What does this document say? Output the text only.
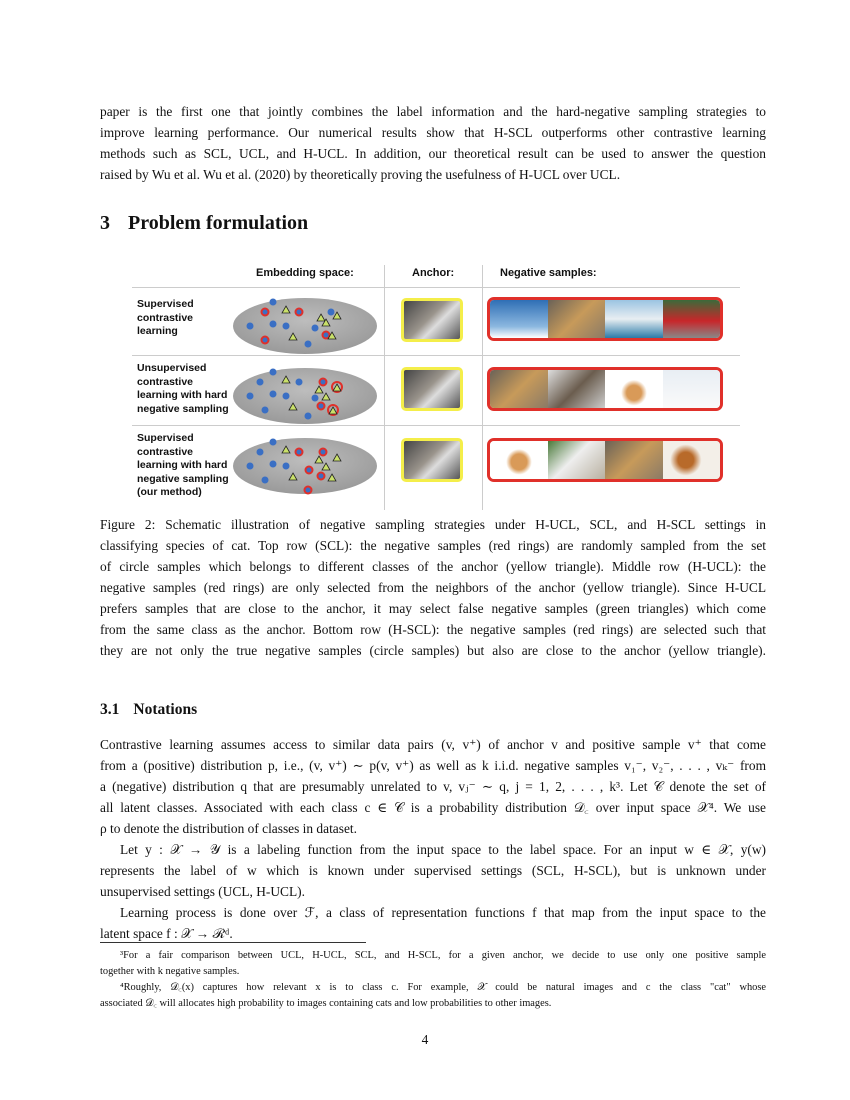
paper is the first one that jointly combines the label information and the hard-negative sampling strategies to
improve learning performance. Our numerical results show that H-SCL outperforms other contrastive learning
methods such as SCL, UCL, and H-UCL. In addition, our theoretical result can be used to answer the question
raised by Wu et al. Wu et al. (2020) by theoretically proving the usefulness of H-UCL over UCL.
3 Problem formulation
Embedding space:	Anchor:	Negative samples:
Supervised
contrastive
learning
Unsupervised
contrastive
learning with hard
negative sampling
Supervised
contrastive
learning with hard
negative sampling
(our method)
Figure 2: Schematic illustration of negative sampling strategies under H-UCL, SCL, and H-SCL settings in
classifying species of cat. Top row (SCL): the negative samples (red rings) are randomly sampled from the set
of circle samples which belongs to different classes of the anchor (yellow triangle). Middle row (H-UCL): the
negative samples (red rings) are only selected from the neighbors of the anchor (yellow triangle). Since H-UCL
prefers samples that are close to the anchor, it may select false negative samples (green triangles) which come
from the same class as the anchor. Bottom row (H-SCL): the negative samples (red rings) are selected such that
they are not only the true negative samples (circle samples) but also are close to the anchor (yellow triangle).
3.1 Notations
Contrastive learning assumes access to similar data pairs (v, v⁺) of anchor v and positive sample v⁺ that come
from a (positive) distribution p, i.e., (v, v⁺) ∼ p(v, v⁺) as well as k i.i.d. negative samples v₁⁻, v₂⁻, . . . , vₖ⁻ from
a (negative) distribution q that are presumably unrelated to v, vⱼ⁻ ∼ q, j = 1, 2, . . . , k³. Let 𝒞 denote the set of
all latent classes. Associated with each class c ∈ 𝒞 is a probability distribution 𝒟꜀ over input space 𝒳⁴. We use
ρ to denote the distribution of classes in dataset.
Let y : 𝒳 → 𝒴 is a labeling function from the input space to the label space. For an input w ∈ 𝒳, y(w)
represents the label of w which is known under supervised settings (SCL, H-SCL), but is unknown under
unsupervised settings (UCL, H-UCL).
Learning process is done over ℱ, a class of representation functions f that map from the input space to the
latent space f : 𝒳 → ℛᵈ.
³For a fair comparison between UCL, H-UCL, SCL, and H-SCL, for a given anchor, we decide to use only one positive sample
together with k negative samples.
⁴Roughly, 𝒟꜀(x) captures how relevant x is to class c. For example, 𝒳 could be natural images and c the class "cat" whose
associated 𝒟꜀ will allocates high probability to images containing cats and low probabilities to other images.
4
